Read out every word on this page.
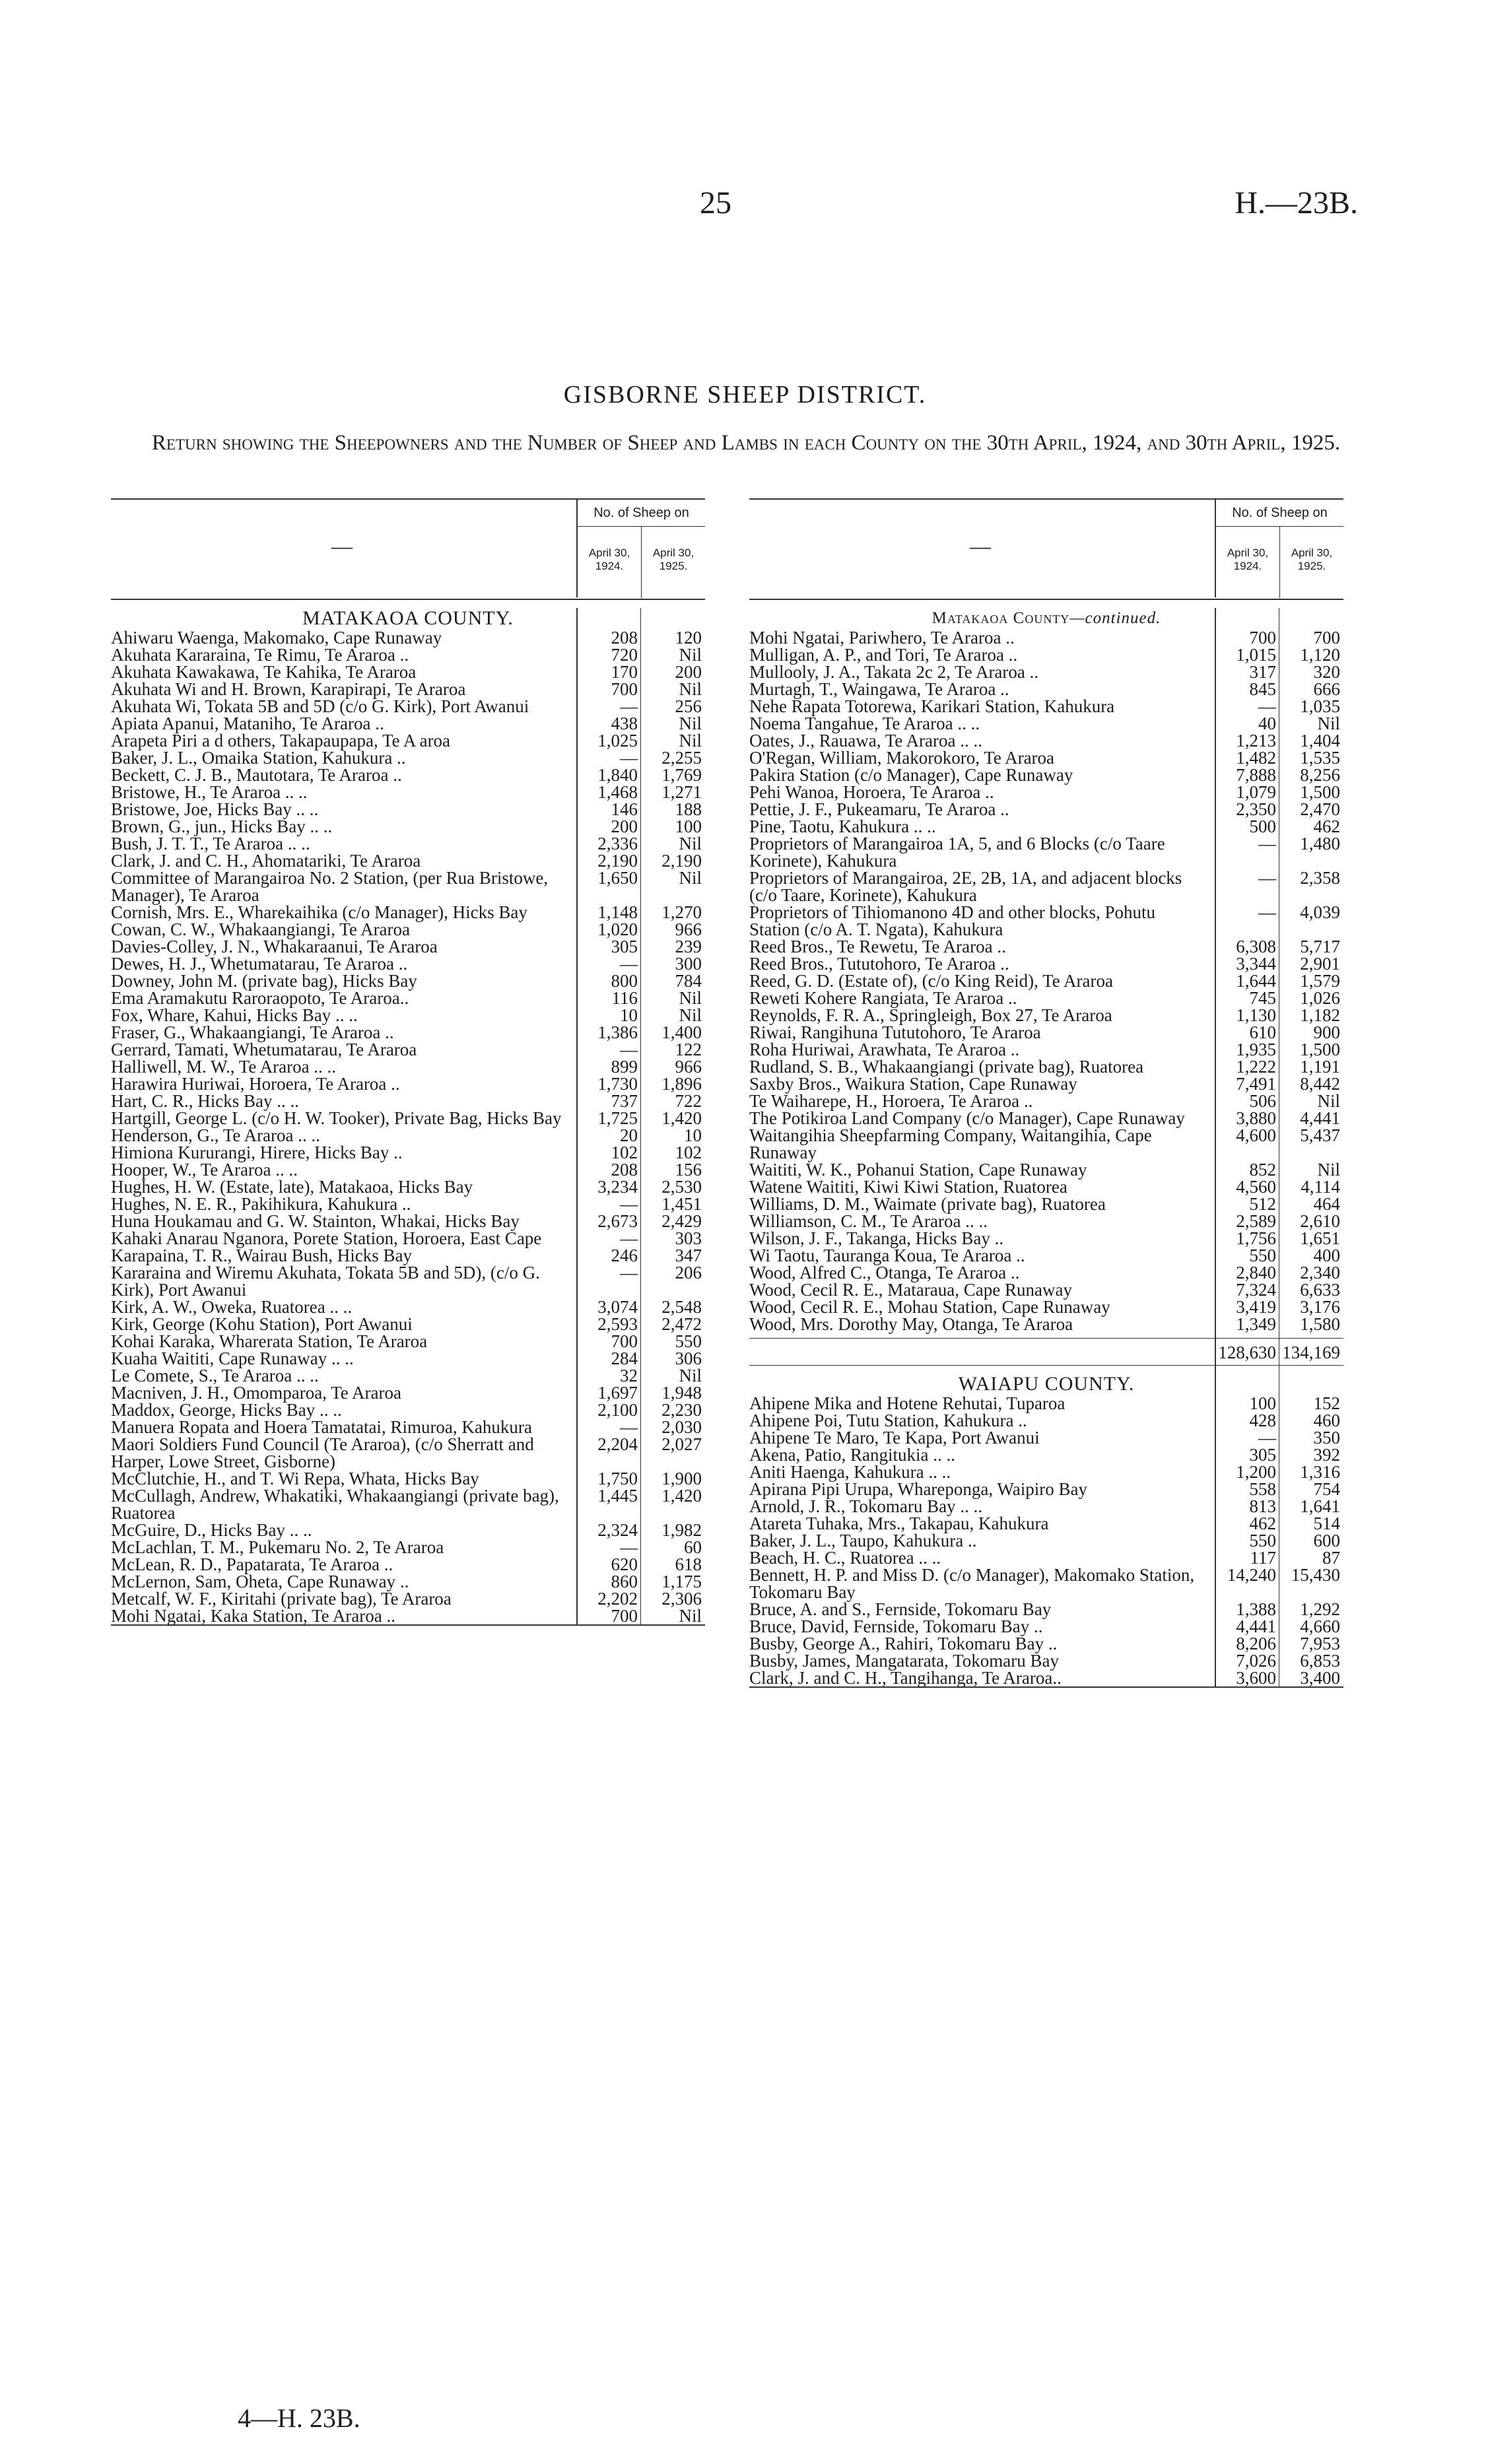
25	H.—23B.
GISBORNE SHEEP DISTRICT.
Return showing the Sheepowners and the Number of Sheep and Lambs in each County on the 30th April, 1924, and 30th April, 1925.
—
No. of Sheep on
April 30, 1924.
April 30, 1925.
MATAKAOA COUNTY.
Ahiwaru Waenga, Makomako, Cape Runaway	208	120
Akuhata Kararaina, Te Rimu, Te Araroa ..	720	Nil
Akuhata Kawakawa, Te Kahika, Te Araroa	170	200
Akuhata Wi and H. Brown, Karapirapi, Te Araroa	700	Nil
Akuhata Wi, Tokata 5B and 5D (c/o G. Kirk), Port Awanui	—	256
Apiata Apanui, Mataniho, Te Araroa ..	438	Nil
Arapeta Piri a d others, Takapaupapa, Te A aroa	1,025	Nil
Baker, J. L., Omaika Station, Kahukura ..	—	2,255
Beckett, C. J. B., Mautotara, Te Araroa ..	1,840	1,769
Bristowe, H., Te Araroa .. ..	1,468	1,271
Bristowe, Joe, Hicks Bay .. ..	146	188
Brown, G., jun., Hicks Bay .. ..	200	100
Bush, J. T. T., Te Araroa .. ..	2,336	Nil
Clark, J. and C. H., Ahomatariki, Te Araroa	2,190	2,190
Committee of Marangairoa No. 2 Station, (per Rua Bristowe, Manager), Te Araroa
1,650	Nil
Cornish, Mrs. E., Wharekaihika (c/o Manager), Hicks Bay	1,148	1,270
Cowan, C. W., Whakaangiangi, Te Araroa	1,020	966
Davies-Colley, J. N., Whakaraanui, Te Araroa	305	239
Dewes, H. J., Whetumatarau, Te Araroa ..	—	300
Downey, John M. (private bag), Hicks Bay	800	784
Ema Aramakutu Raroraopoto, Te Araroa..	116	Nil
Fox, Whare, Kahui, Hicks Bay .. ..	10	Nil
Fraser, G., Whakaangiangi, Te Araroa ..	1,386	1,400
Gerrard, Tamati, Whetumatarau, Te Araroa	—	122
Halliwell, M. W., Te Araroa .. ..	899	966
Harawira Huriwai, Horoera, Te Araroa ..	1,730	1,896
Hart, C. R., Hicks Bay .. ..	737	722
Hartgill, George L. (c/o H. W. Tooker), Private Bag, Hicks Bay	1,725	1,420
Henderson, G., Te Araroa .. ..	20	10
Himiona Kururangi, Hirere, Hicks Bay ..	102	102
Hooper, W., Te Araroa .. ..	208	156
Hughes, H. W. (Estate, late), Matakaoa, Hicks Bay	3,234	2,530
Hughes, N. E. R., Pakihikura, Kahukura ..	—	1,451
Huna Houkamau and G. W. Stainton, Whakai, Hicks Bay	2,673	2,429
Kahaki Anarau Nganora, Porete Station, Horoera, East Cape	—	303
Karapaina, T. R., Wairau Bush, Hicks Bay	246	347
Kararaina and Wiremu Akuhata, Tokata 5B and 5D), (c/o G. Kirk), Port Awanui
—	206
Kirk, A. W., Oweka, Ruatorea .. ..	3,074	2,548
Kirk, George (Kohu Station), Port Awanui	2,593	2,472
Kohai Karaka, Wharerata Station, Te Araroa	700	550
Kuaha Waititi, Cape Runaway .. ..	284	306
Le Comete, S., Te Araroa .. ..	32	Nil
Macniven, J. H., Omomparoa, Te Araroa	1,697	1,948
Maddox, George, Hicks Bay .. ..	2,100	2,230
Manuera Ropata and Hoera Tamatatai, Rimuroa, Kahukura	—	2,030
Maori Soldiers Fund Council (Te Araroa), (c/o Sherratt and Harper, Lowe Street, Gisborne)
2,204	2,027
McClutchie, H., and T. Wi Repa, Whata, Hicks Bay	1,750	1,900
McCullagh, Andrew, Whakatiki, Whakaangiangi (private bag), Ruatorea
1,445	1,420
McGuire, D., Hicks Bay .. ..	2,324	1,982
McLachlan, T. M., Pukemaru No. 2, Te Araroa	—	60
McLean, R. D., Papatarata, Te Araroa ..	620	618
McLernon, Sam, Oheta, Cape Runaway ..	860	1,175
Metcalf, W. F., Kiritahi (private bag), Te Araroa	2,202	2,306
Mohi Ngatai, Kaka Station, Te Araroa ..	700	Nil
—
No. of Sheep on
April 30, 1924.
April 30, 1925.
Matakaoa County—continued.
Mohi Ngatai, Pariwhero, Te Araroa ..	700	700
Mulligan, A. P., and Tori, Te Araroa ..	1,015	1,120
Mullooly, J. A., Takata 2c 2, Te Araroa ..	317	320
Murtagh, T., Waingawa, Te Araroa ..	845	666
Nehe Rapata Totorewa, Karikari Station, Kahukura	—	1,035
Noema Tangahue, Te Araroa .. ..	40	Nil
Oates, J., Rauawa, Te Araroa .. ..	1,213	1,404
O'Regan, William, Makorokoro, Te Araroa	1,482	1,535
Pakira Station (c/o Manager), Cape Runaway	7,888	8,256
Pehi Wanoa, Horoera, Te Araroa ..	1,079	1,500
Pettie, J. F., Pukeamaru, Te Araroa ..	2,350	2,470
Pine, Taotu, Kahukura .. ..	500	462
Proprietors of Marangairoa 1A, 5, and 6 Blocks (c/o Taare Korinete), Kahukura
—	1,480
Proprietors of Marangairoa, 2E, 2B, 1A, and adjacent blocks (c/o Taare, Korinete), Kahukura
—	2,358
Proprietors of Tihiomanono 4D and other blocks, Pohutu Station (c/o A. T. Ngata), Kahukura
—	4,039
Reed Bros., Te Rewetu, Te Araroa ..	6,308	5,717
Reed Bros., Tututohoro, Te Araroa ..	3,344	2,901
Reed, G. D. (Estate of), (c/o King Reid), Te Araroa	1,644	1,579
Reweti Kohere Rangiata, Te Araroa ..	745	1,026
Reynolds, F. R. A., Springleigh, Box 27, Te Araroa	1,130	1,182
Riwai, Rangihuna Tututohoro, Te Araroa	610	900
Roha Huriwai, Arawhata, Te Araroa ..	1,935	1,500
Rudland, S. B., Whakaangiangi (private bag), Ruatorea	1,222	1,191
Saxby Bros., Waikura Station, Cape Runaway	7,491	8,442
Te Waiharepe, H., Horoera, Te Araroa ..	506	Nil
The Potikiroa Land Company (c/o Manager), Cape Runaway	3,880	4,441
Waitangihia Sheepfarming Company, Waitangihia, Cape Runaway
4,600	5,437
Waititi, W. K., Pohanui Station, Cape Runaway	852	Nil
Watene Waititi, Kiwi Kiwi Station, Ruatorea	4,560	4,114
Williams, D. M., Waimate (private bag), Ruatorea	512	464
Williamson, C. M., Te Araroa .. ..	2,589	2,610
Wilson, J. F., Takanga, Hicks Bay ..	1,756	1,651
Wi Taotu, Tauranga Koua, Te Araroa ..	550	400
Wood, Alfred C., Otanga, Te Araroa ..	2,840	2,340
Wood, Cecil R. E., Mataraua, Cape Runaway	7,324	6,633
Wood, Cecil R. E., Mohau Station, Cape Runaway	3,419	3,176
Wood, Mrs. Dorothy May, Otanga, Te Araroa	1,349	1,580
128,630 134,169
WAIAPU COUNTY.
Ahipene Mika and Hotene Rehutai, Tuparoa	100	152
Ahipene Poi, Tutu Station, Kahukura ..	428	460
Ahipene Te Maro, Te Kapa, Port Awanui	—	350
Akena, Patio, Rangitukia .. ..	305	392
Aniti Haenga, Kahukura .. ..	1,200	1,316
Apirana Pipi Urupa, Whareponga, Waipiro Bay	558	754
Arnold, J. R., Tokomaru Bay .. ..	813	1,641
Atareta Tuhaka, Mrs., Takapau, Kahukura	462	514
Baker, J. L., Taupo, Kahukura ..	550	600
Beach, H. C., Ruatorea .. ..	117	87
Bennett, H. P. and Miss D. (c/o Manager), Makomako Station, Tokomaru Bay
14,240 15,430
Bruce, A. and S., Fernside, Tokomaru Bay	1,388	1,292
Bruce, David, Fernside, Tokomaru Bay ..	4,441	4,660
Busby, George A., Rahiri, Tokomaru Bay ..	8,206	7,953
Busby, James, Mangatarata, Tokomaru Bay	7,026	6,853
Clark, J. and C. H., Tangihanga, Te Araroa..	3,600	3,400
4—H. 23B.
